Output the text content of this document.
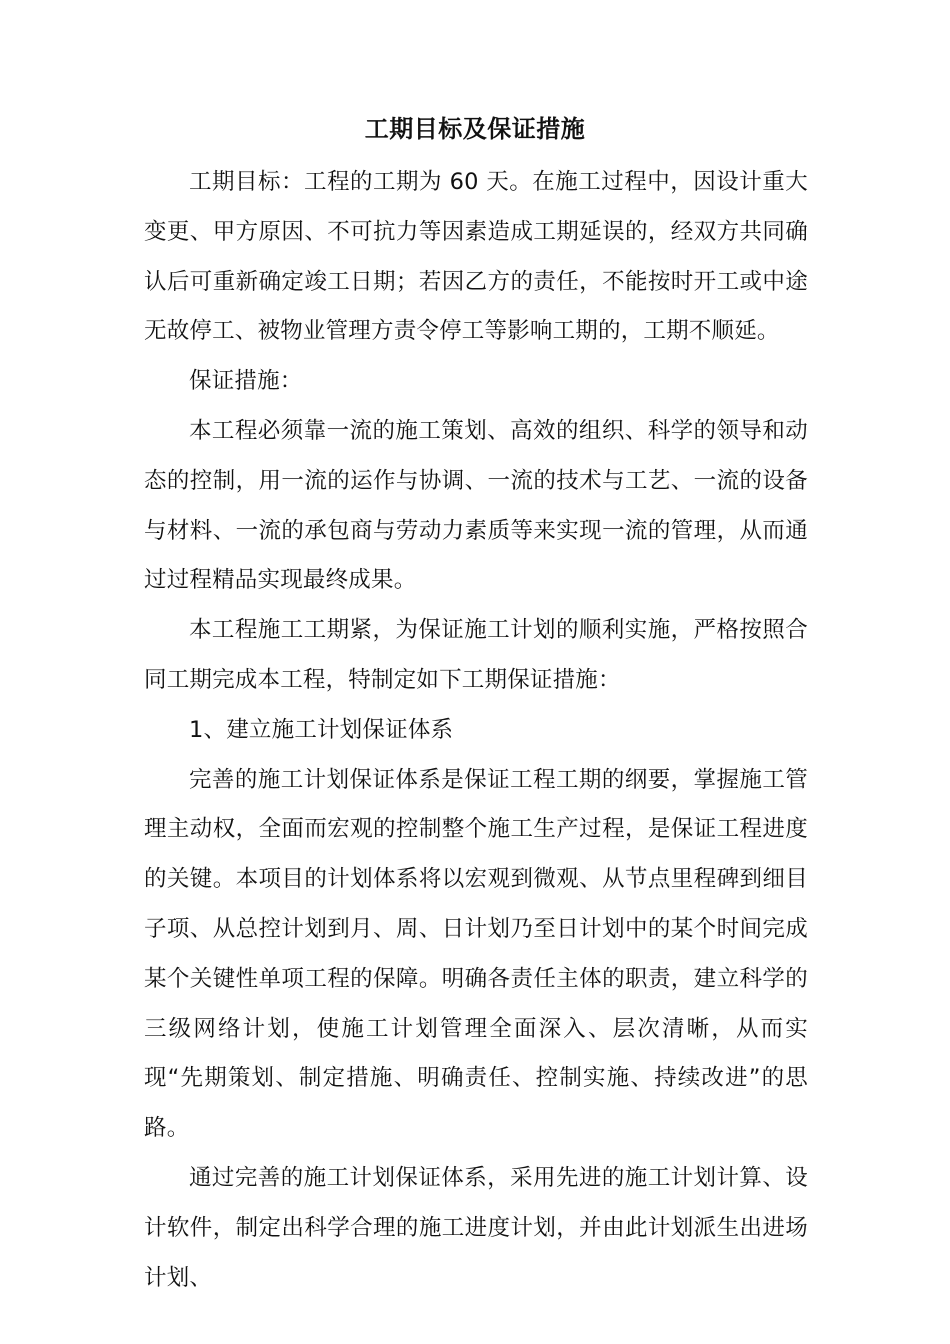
工期目标及保证措施

工期目标：工程的工期为 60 天。在施工过程中，因设计重大变更、甲方原因、不可抗力等因素造成工期延误的，经双方共同确认后可重新确定竣工日期；若因乙方的责任，不能按时开工或中途无故停工、被物业管理方责令停工等影响工期的，工期不顺延。

保证措施：

本工程必须靠一流的施工策划、高效的组织、科学的领导和动态的控制，用一流的运作与协调、一流的技术与工艺、一流的设备与材料、一流的承包商与劳动力素质等来实现一流的管理，从而通过过程精品实现最终成果。

本工程施工工期紧，为保证施工计划的顺利实施，严格按照合同工期完成本工程，特制定如下工期保证措施：

1、建立施工计划保证体系

完善的施工计划保证体系是保证工程工期的纲要，掌握施工管理主动权，全面而宏观的控制整个施工生产过程，是保证工程进度的关键。本项目的计划体系将以宏观到微观、从节点里程碑到细目子项、从总控计划到月、周、日计划乃至日计划中的某个时间完成某个关键性单项工程的保障。明确各责任主体的职责，建立科学的三级网络计划，使施工计划管理全面深入、层次清晰，从而实现“先期策划、制定措施、明确责任、控制实施、持续改进”的思路。

通过完善的施工计划保证体系，采用先进的施工计划计算、设计软件，制定出科学合理的施工进度计划，并由此计划派生出进场计划、
